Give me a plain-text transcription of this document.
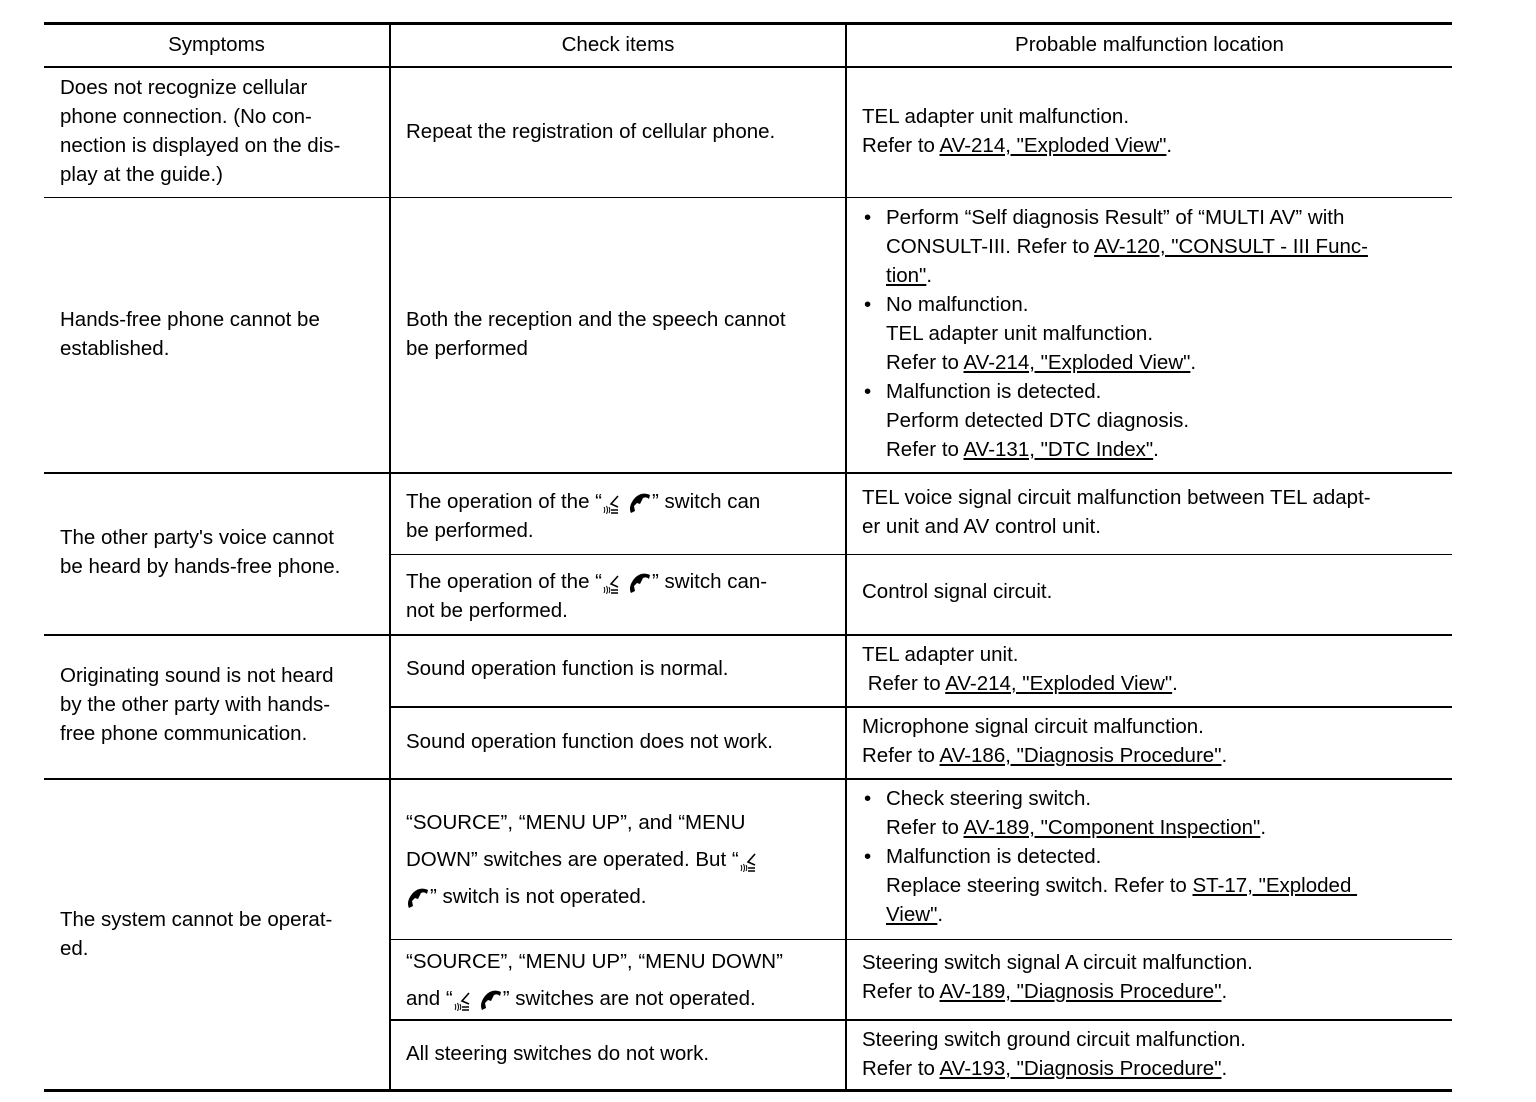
Symptoms	Check items	Probable malfunction location
Does not recognize cellular
phone connection. (No con-
nection is displayed on the dis-
play at the guide.)
Repeat the registration of cellular phone.
TEL adapter unit malfunction.
Refer to AV-214, "Exploded View".
Hands-free phone cannot be
established.
Both the reception and the speech cannot
be performed
• Perform “Self diagnosis Result” of “MULTI AV” with
CONSULT-III. Refer to AV-120, "CONSULT - III Func-
tion".
• No malfunction.
TEL adapter unit malfunction.
Refer to AV-214, "Exploded View".
• Malfunction is detected.
Perform detected DTC diagnosis.
Refer to AV-131, "DTC Index".
The other party's voice cannot
be heard by hands-free phone.
The operation of the “ ” switch can
be performed.
TEL voice signal circuit malfunction between TEL adapt-
er unit and AV control unit.
The operation of the “ ” switch can-
not be performed.
Control signal circuit.
Originating sound is not heard
by the other party with hands-
free phone communication.
Sound operation function is normal.
TEL adapter unit.
Refer to AV-214, "Exploded View".
Sound operation function does not work.
Microphone signal circuit malfunction.
Refer to AV-186, "Diagnosis Procedure".
The system cannot be operat-
ed.
“SOURCE”, “MENU UP”, and “MENU
DOWN” switches are operated. But “
” switch is not operated.
• Check steering switch.
Refer to AV-189, "Component Inspection".
• Malfunction is detected.
Replace steering switch. Refer to ST-17, "Exploded
View".
“SOURCE”, “MENU UP”, “MENU DOWN”
and “ ” switches are not operated.
Steering switch signal A circuit malfunction.
Refer to AV-189, "Diagnosis Procedure".
All steering switches do not work.
Steering switch ground circuit malfunction.
Refer to AV-193, "Diagnosis Procedure".
